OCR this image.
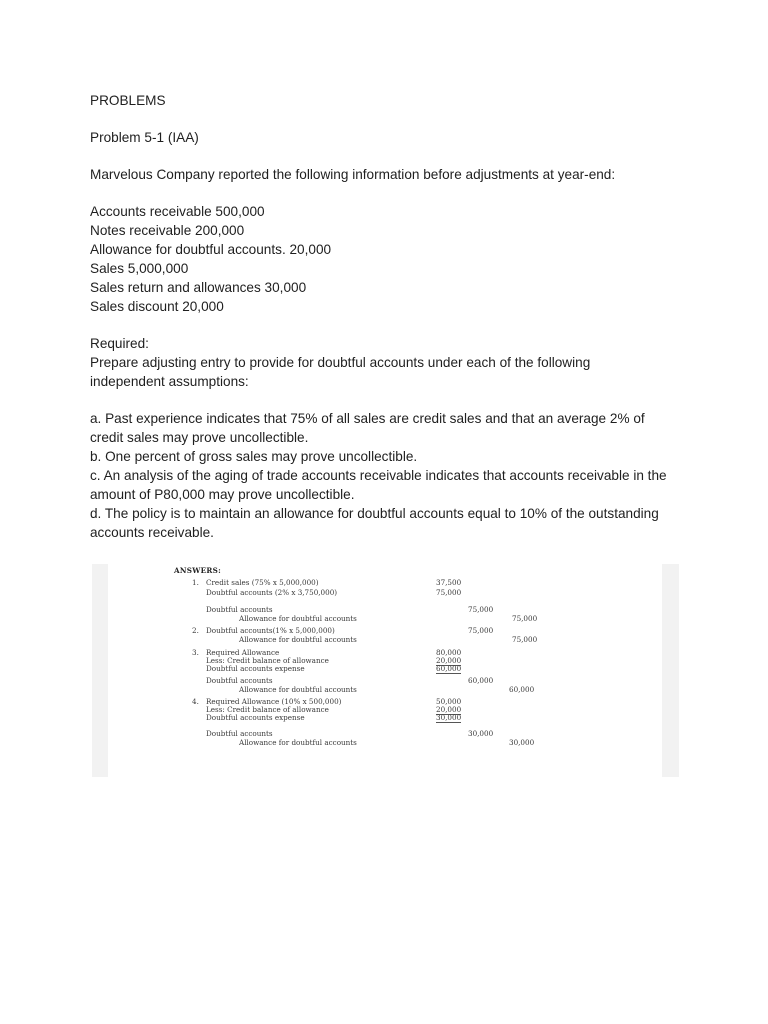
PROBLEMS

Problem 5-1 (IAA)

Marvelous Company reported the following information before adjustments at year-end:

Accounts receivable 500,000

Notes receivable 200,000

Allowance for doubtful accounts. 20,000

Sales 5,000,000

Sales return and allowances 30,000

Sales discount 20,000

Required:

Prepare adjusting entry to provide for doubtful accounts under each of the following

independent assumptions:

a. Past experience indicates that 75% of all sales are credit sales and that an average 2% of

credit sales may prove uncollectible.

b. One percent of gross sales may prove uncollectible.

c. An analysis of the aging of trade accounts receivable indicates that accounts receivable in the

amount of P80,000 may prove uncollectible.

d. The policy is to maintain an allowance for doubtful accounts equal to 10% of the outstanding

accounts receivable.

ANSWERS:
1. Credit sales (75% x 5,000,000)
Doubtful accounts (2% x 3,750,000)
37,500
75,000
Doubtful accounts
Allowance for doubtful accounts
75,000
75,000
2. Doubtful accounts(1% x 5,000,000)
Allowance for doubtful accounts
75,000
75,000
3. Required Allowance
Less: Credit balance of allowance
Doubtful accounts expense
80,000
20,000
60,000
Doubtful accounts
Allowance for doubtful accounts
60,000
60,000
4. Required Allowance (10% x 500,000)
Less: Credit balance of allowance
Doubtful accounts expense
50,000
20,000
30,000
Doubtful accounts
Allowance for doubtful accounts
30,000
30,000
